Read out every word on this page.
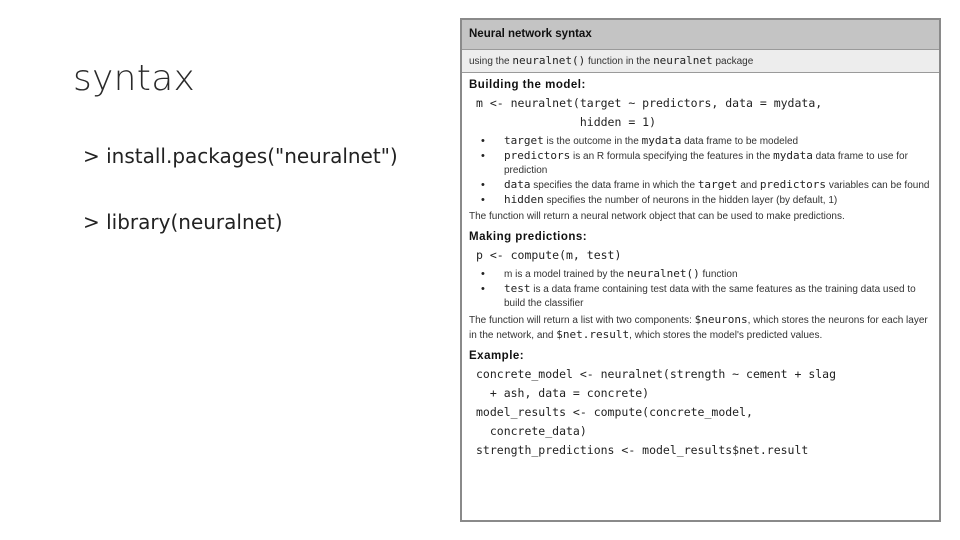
syntax
> install.packages("neuralnet")
> library(neuralnet)
Neural network syntax
using the neuralnet() function in the neuralnet package
Building the model:
m <- neuralnet(target ~ predictors, data = mydata,
hidden = 1)
• target is the outcome in the mydata data frame to be modeled
• predictors is an R formula specifying the features in the mydata data frame to use for prediction
• data specifies the data frame in which the target and predictors variables can be found
• hidden specifies the number of neurons in the hidden layer (by default, 1)
The function will return a neural network object that can be used to make predictions.
Making predictions:
p <- compute(m, test)
• m is a model trained by the neuralnet() function
• test is a data frame containing test data with the same features as the training data used to build the classifier
The function will return a list with two components: $neurons, which stores the neurons for each layer in the network, and $net.result, which stores the model's predicted values.
Example:
concrete_model <- neuralnet(strength ~ cement + slag
+ ash, data = concrete)
model_results <- compute(concrete_model,
concrete_data)
strength_predictions <- model_results$net.result
